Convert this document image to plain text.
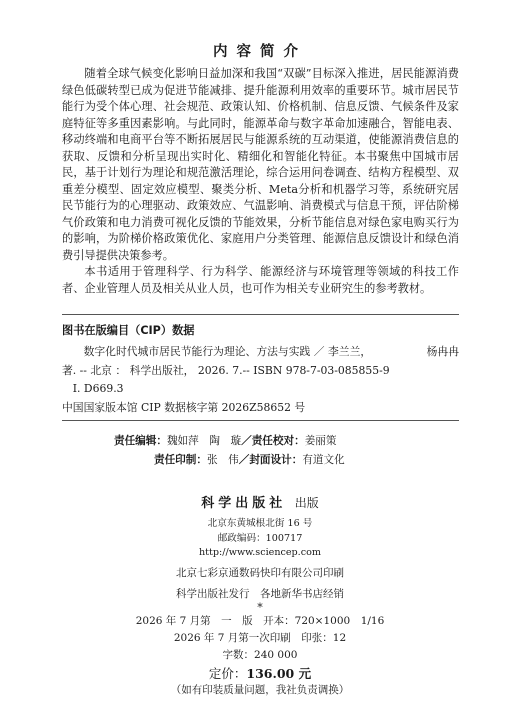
内容简介

随着全球气候变化影响日益加深和我国“双碳”目标深入推进，居民能源消费绿色低碳转型已成为促进节能减排、提升能源利用效率的重要环节。城市居民节能行为受个体心理、社会规范、政策认知、价格机制、信息反馈、气候条件及家庭特征等多重因素影响。与此同时，能源革命与数字革命加速融合，智能电表、移动终端和电商平台等不断拓展居民与能源系统的互动渠道，使能源消费信息的获取、反馈和分析呈现出实时化、精细化和智能化特征。本书聚焦中国城市居民，基于计划行为理论和规范激活理论，综合运用问卷调查、结构方程模型、双重差分模型、固定效应模型、聚类分析、Meta分析和机器学习等，系统研究居民节能行为的心理驱动、政策效应、气温影响、消费模式与信息干预，评估阶梯气价政策和电力消费可视化反馈的节能效果，分析节能信息对绿色家电购买行为的影响，为阶梯价格政策优化、家庭用户分类管理、能源信息反馈设计和绿色消费引导提供决策参考。

本书适用于管理科学、行为科学、能源经济与环境管理等领域的科技工作者、企业管理人员及相关从业人员，也可作为相关专业研究生的参考教材。

图书在版编目（CIP）数据
数字化时代城市居民节能行为理论、方法与实践 ／ 李兰兰，	杨冉冉
著. -- 北京 ： 科学出版社， 2026. 7.-- ISBN 978-7-03-085855-9
Ⅰ. D669.3
中国国家版本馆 CIP 数据核字第 2026Z58652 号
责任编辑：魏如萍　陶　璇／责任校对：姜丽策
责任印制：张　伟／封面设计：有道文化
科学出版社 出版
北京东黄城根北街 16 号
邮政编码：100717
http://www.sciencep.com
北京七彩京通数码快印有限公司印刷
科学出版社发行　各地新华书店经销
*
2026 年 7 月第　一　版　开本：720×1000　1/16
2026 年 7 月第一次印刷　印张：12
字数：240 000
定价：136.00 元
（如有印装质量问题，我社负责调换）
